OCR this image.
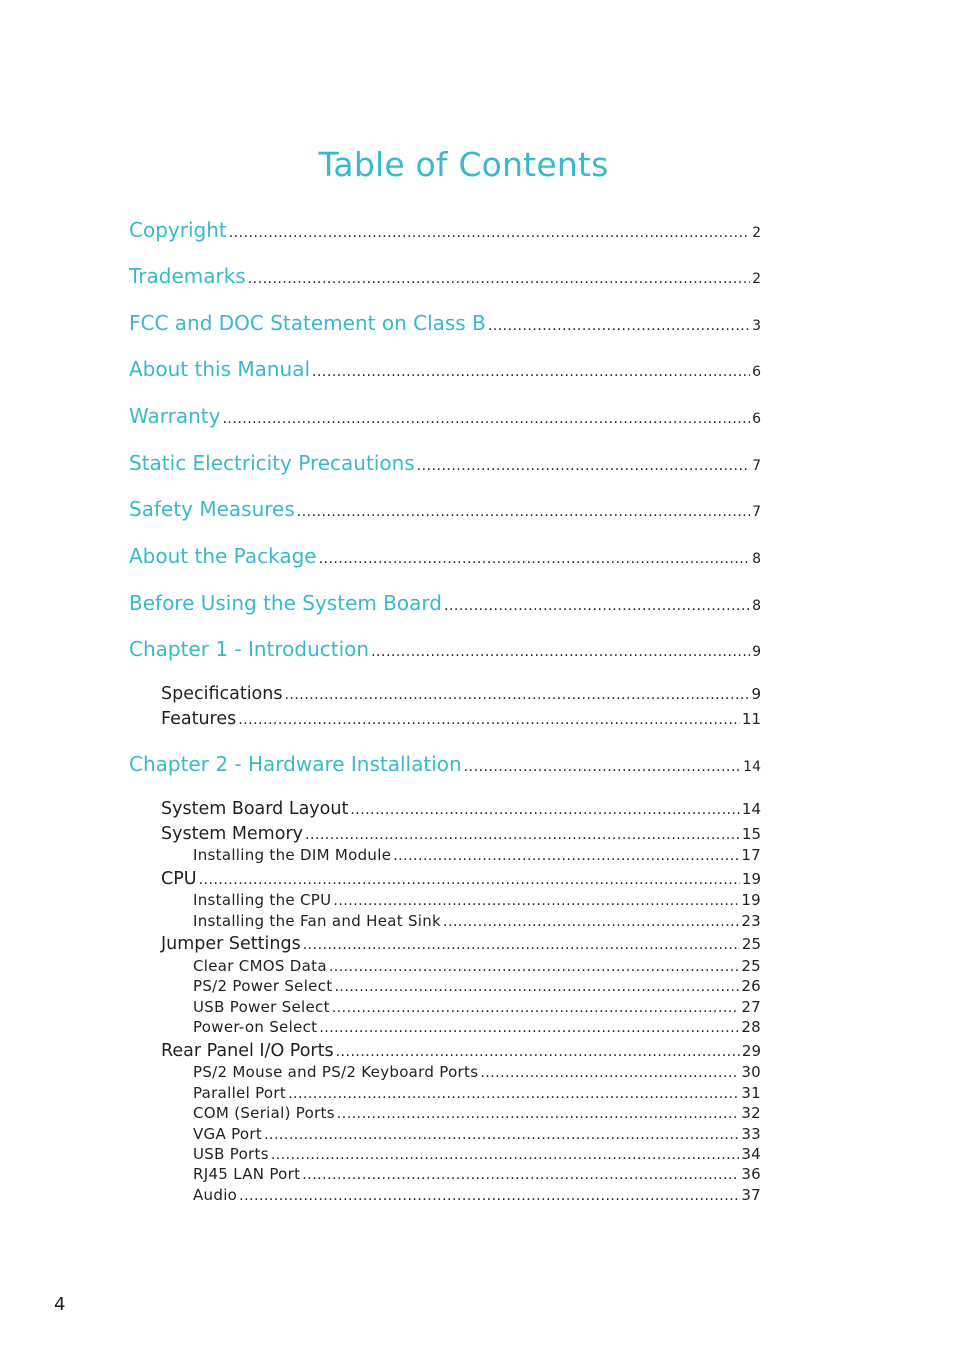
Table of Contents
Copyright .....	2
Trademarks .....	2
FCC and DOC Statement on Class B .....	3
About this Manual .....	6
Warranty .....	6
Static Electricity Precautions .....	7
Safety Measures .....	7
About the Package .....	8
Before Using the System Board .....	8
Chapter 1 - Introduction .....	9
Specifications .....	9
Features .....	11
Chapter 2 - Hardware Installation .....	14
System Board Layout .....	14
System Memory .....	15
Installing the DIM Module .....	17
CPU .....	19
Installing the CPU .....	19
Installing the Fan and Heat Sink .....	23
Jumper Settings .....	25
Clear CMOS Data .....	25
PS/2 Power Select .....	26
USB Power Select .....	27
Power-on Select .....	28
Rear Panel I/O Ports .....	29
PS/2 Mouse and PS/2 Keyboard Ports .....	30
Parallel Port .....	31
COM (Serial) Ports .....	32
VGA Port .....	33
USB Ports .....	34
RJ45 LAN Port .....	36
Audio .....	37
4
